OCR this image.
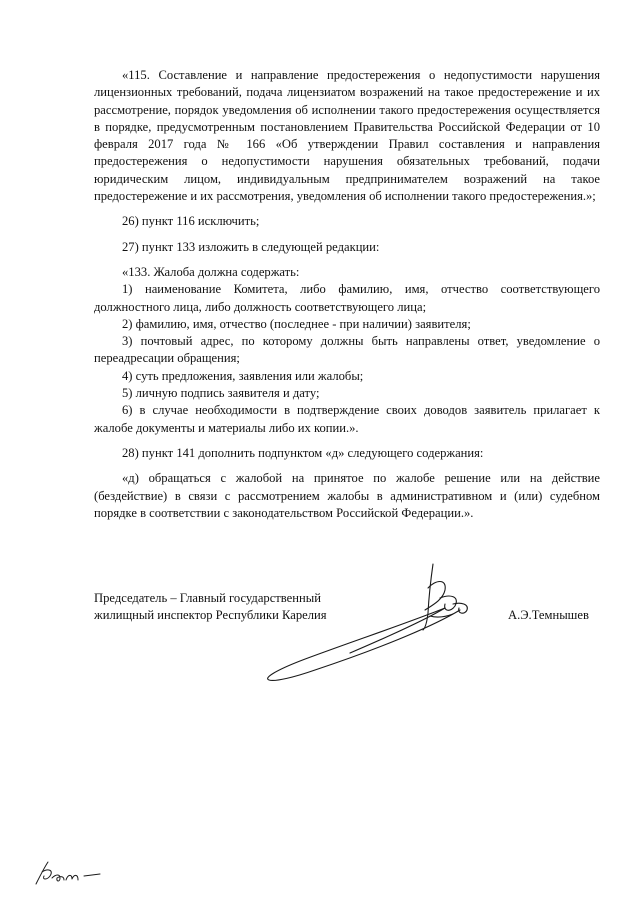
«115. Составление и направление предостережения о недопустимости нарушения лицензионных требований, подача лицензиатом возражений на такое предостережение и их рассмотрение, порядок уведомления об исполнении такого предостережения осуществляется в порядке, предусмотренным постановлением Правительства Российской Федерации от 10 февраля 2017 года № 166 «Об утверждении Правил составления и направления предостережения о недопустимости нарушения обязательных требований, подачи юридическим лицом, индивидуальным предпринимателем возражений на такое предостережение и их рассмотрения, уведомления об исполнении такого предостережения.»;

26) пункт 116 исключить;

27) пункт 133 изложить в следующей редакции:

«133. Жалоба должна содержать:

1) наименование Комитета, либо фамилию, имя, отчество соответствующего должностного лица, либо должность соответствующего лица;

2) фамилию, имя, отчество (последнее - при наличии) заявителя;

3) почтовый адрес, по которому должны быть направлены ответ, уведомление о переадресации обращения;

4) суть предложения, заявления или жалобы;

5) личную подпись заявителя и дату;

6) в случае необходимости в подтверждение своих доводов заявитель прилагает к жалобе документы и материалы либо их копии.».

28) пункт 141 дополнить подпунктом «д» следующего содержания:

«д) обращаться с жалобой на принятое по жалобе решение или на действие (бездействие) в связи с рассмотрением жалобы в административном и (или) судебном порядке в соответствии с законодательством Российской Федерации.».

Председатель – Главный государственный
жилищный инспектор Республики Карелия	А.Э.Темнышев
